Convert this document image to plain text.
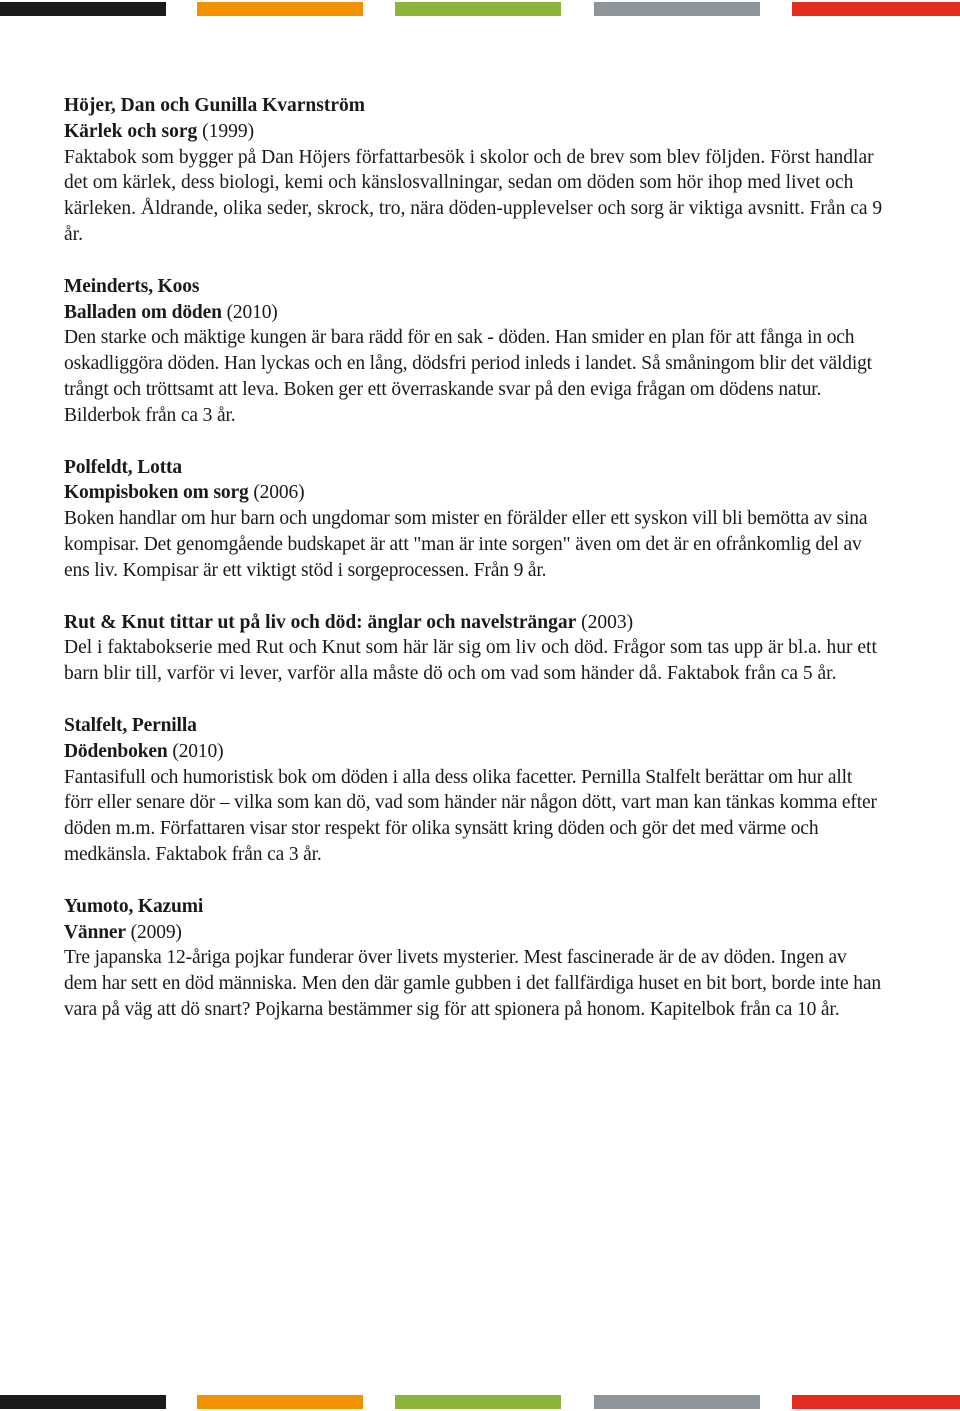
Höjer, Dan och Gunilla Kvarnström

Kärlek och sorg (1999)

Faktabok som bygger på Dan Höjers författarbesök i skolor och de brev som blev följden. Först handlar det om kärlek, dess biologi, kemi och känslosvallningar, sedan om döden som hör ihop med livet och kärleken. Åldrande, olika seder, skrock, tro, nära döden-upplevelser och sorg är viktiga avsnitt. Från ca 9 år.

Meinderts, Koos

Balladen om döden (2010)

Den starke och mäktige kungen är bara rädd för en sak - döden. Han smider en plan för att fånga in och oskadliggöra döden. Han lyckas och en lång, dödsfri period inleds i landet. Så småningom blir det väldigt trångt och tröttsamt att leva. Boken ger ett överraskande svar på den eviga frågan om dödens natur. Bilderbok från ca 3 år.

Polfeldt, Lotta

Kompisboken om sorg (2006)

Boken handlar om hur barn och ungdomar som mister en förälder eller ett syskon vill bli bemötta av sina kompisar. Det genomgående budskapet är att "man är inte sorgen" även om det är en ofrånkomlig del av ens liv. Kompisar är ett viktigt stöd i sorgeprocessen. Från 9 år.

Rut & Knut tittar ut på liv och död: änglar och navelsträngar (2003)

Del i faktabokserie med Rut och Knut som här lär sig om liv och död. Frågor som tas upp är bl.a. hur ett barn blir till, varför vi lever, varför alla måste dö och om vad som händer då. Faktabok från ca 5 år.

Stalfelt, Pernilla

Dödenboken (2010)

Fantasifull och humoristisk bok om döden i alla dess olika facetter. Pernilla Stalfelt berättar om hur allt förr eller senare dör – vilka som kan dö, vad som händer när någon dött, vart man kan tänkas komma efter döden m.m. Författaren visar stor respekt för olika synsätt kring döden och gör det med värme och medkänsla. Faktabok från ca 3 år.

Yumoto, Kazumi

Vänner (2009)

Tre japanska 12-åriga pojkar funderar över livets mysterier. Mest fascinerade är de av döden. Ingen av dem har sett en död människa. Men den där gamle gubben i det fallfärdiga huset en bit bort, borde inte han vara på väg att dö snart? Pojkarna bestämmer sig för att spionera på honom. Kapitelbok från ca 10 år.
